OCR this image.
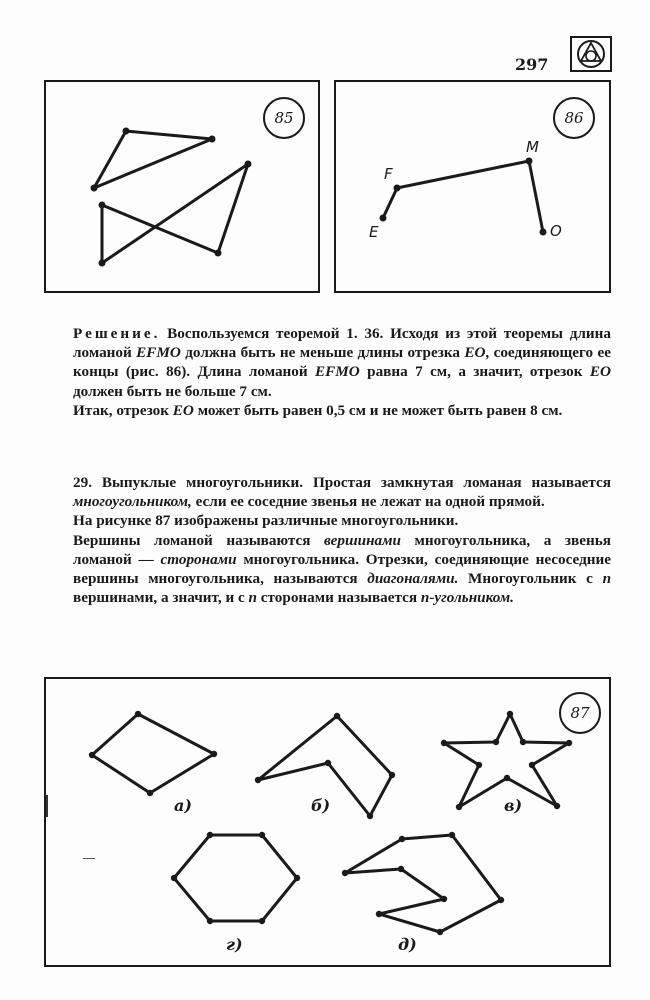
297
85	86
F
M
E	O

Решение. Воспользуемся теоремой 1. 36. Исходя из этой теоремы длина ломаной EFMO должна быть не меньше длины отрезка EO, соединяющего ее концы (рис. 86). Длина ломаной EFMO равна 7 см, а значит, отрезок EO должен быть не больше 7 см.

Итак, отрезок EO может быть равен 0,5 см и не может быть равен 8 см.

29. Выпуклые многоугольники. Простая замкнутая ломаная называется многоугольником, если ее соседние звенья не лежат на одной прямой.

На рисунке 87 изображены различные многоугольники.

Вершины ломаной называются вершинами многоугольника, а звенья ломаной — сторонами многоугольника. Отрезки, соединяющие несоседние вершины многоугольника, называются диагоналями. Многоугольник с n вершинами, а значит, и с n сторонами называется n-угольником.

87
а)	б)	в)
г)	д)
